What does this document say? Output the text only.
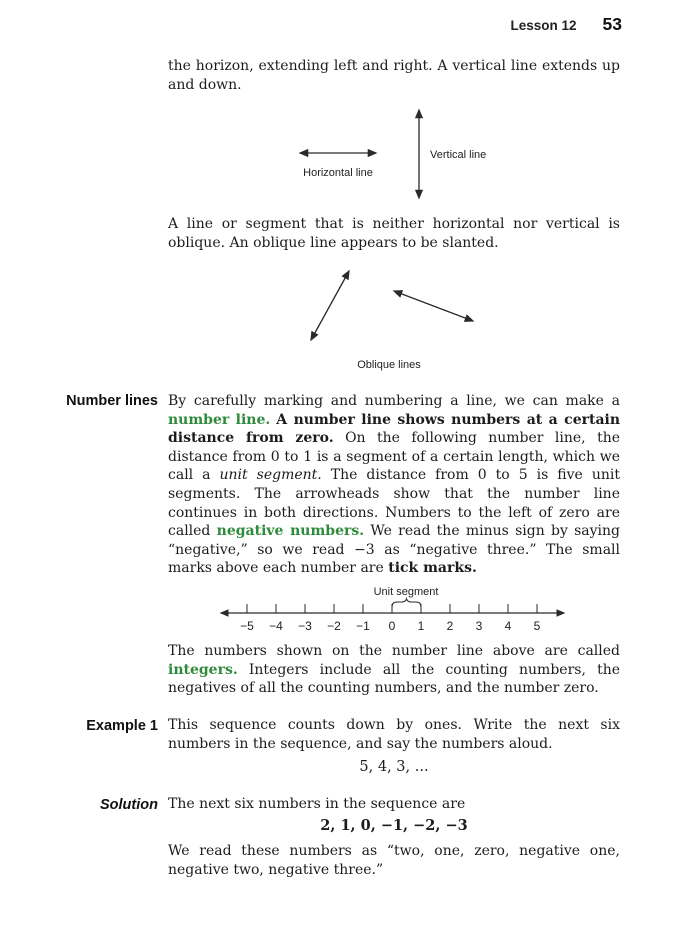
Lesson 12 53

the horizon, extending left and right. A vertical line extends up and down.

Horizontal line
Vertical line

A line or segment that is neither horizontal nor vertical is oblique. An oblique line appears to be slanted.

Oblique lines
Number lines By carefully marking and numbering a line, we can make a number line. A number line shows numbers at a certain distance from zero. On the following number line, the distance from 0 to 1 is a segment of a certain length, which we call a unit segment. The distance from 0 to 5 is five unit segments. The arrowheads show that the number line continues in both directions. Numbers to the left of zero are called negative numbers. We read the minus sign by saying “negative,” so we read −3 as “negative three.” The small marks above each number are tick marks.

Unit segment
−5 −4 −3 −2 −1 0 1 2 3 4 5

The numbers shown on the number line above are called integers. Integers include all the counting numbers, the negatives of all the counting numbers, and the number zero.

Example 1 This sequence counts down by ones. Write the next six numbers in the sequence, and say the numbers aloud.

5, 4, 3, ...
Solution The next six numbers in the sequence are

2, 1, 0, −1, −2, −3

We read these numbers as “two, one, zero, negative one, negative two, negative three.”
